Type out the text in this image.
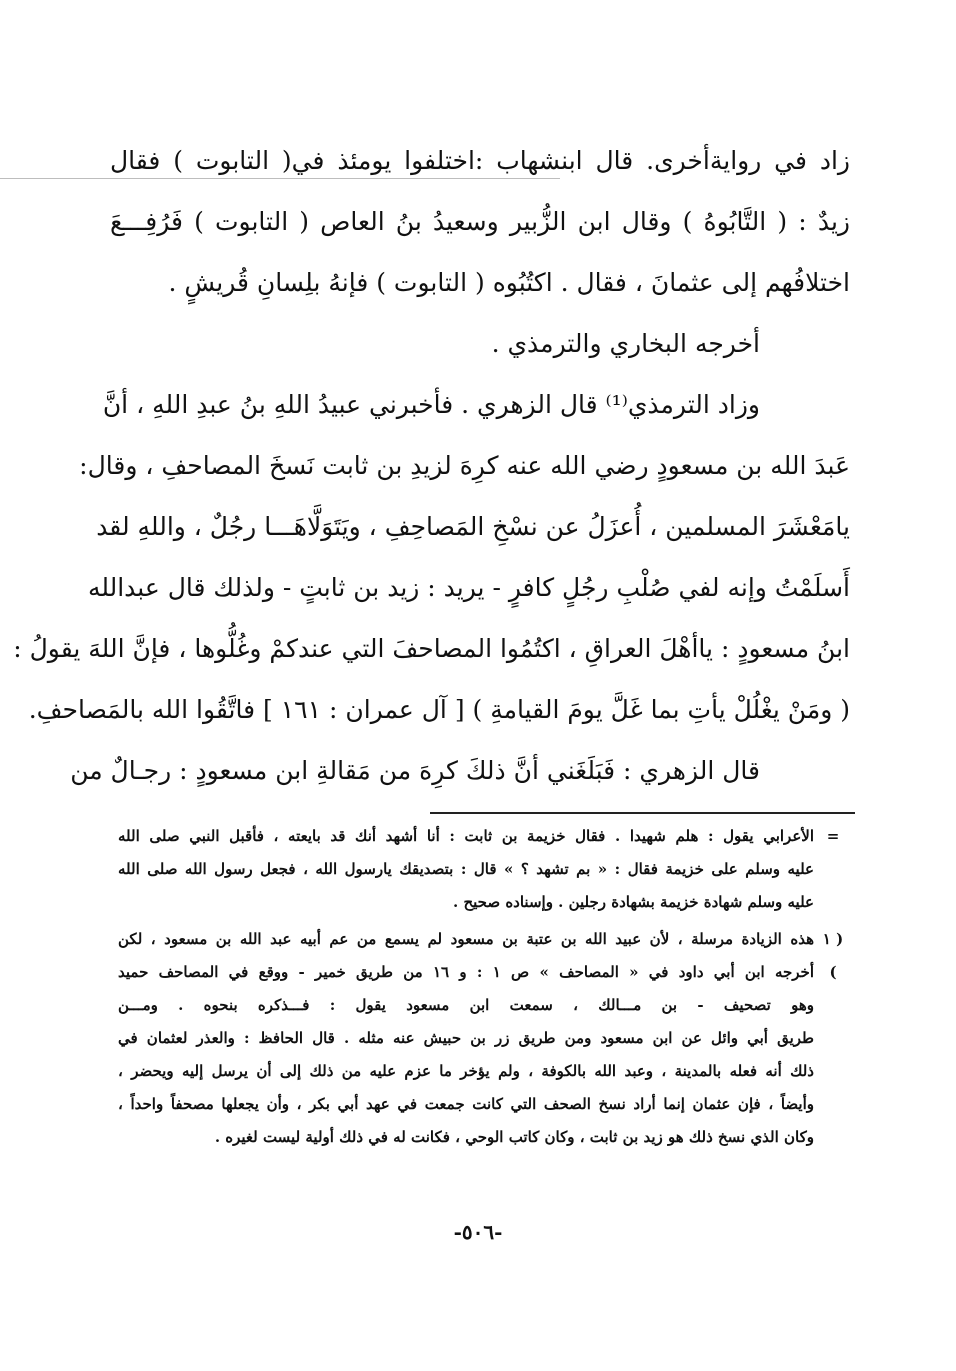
زاد في روايةأخرى. قال ابنشهاب :اختلفوا يومئذ في( التابوت ) فقال
زيدٌ : ( التَّابُوهُ ) وقال ابن الزُّبير وسعيدُ بنُ العاص ( التابوت ) فَرُفِـــعَ
اختلافُهم إلى عثمانَ ، فقال . اكتُبُوه ( التابوت ) فإنهُ بلِسانِ قُريشٍ .
أخرجه البخاري والترمذي .
وزاد الترمذي⁽¹⁾ قال الزهري . فأخبرني عبيدُ اللهِ بنُ عبدِ اللهِ ، أنَّ
عَبدَ الله بن مسعودٍ رضي الله عنه كرِهَ لزيدِ بن ثابت نَسخَ المصاحفِ ، وقال:
يامَعْشَرَ المسلمين ، أُعزَلُ عن نسْخِ المَصاحِفِ ، ويَتَوَلَّاهَـــا رجُلٌ ، واللهِ لقد
أَسلَمْتُ وإنه لفي صُلْبِ رجُلٍ كافرٍ - يريد : زيد بن ثابتٍ - ولذلك قال عبدالله
ابنُ مسعودٍ : ياأهْلَ العراقِ ، اكتُمُوا المصاحفَ التي عندكمْ وغُلُّوها ، فإنَّ اللهَ يقولُ :
( ومَنْ يغْلُلْ يأتِ بما غَلَّ يومَ القيامةِ ) [ آل عمران : ١٦١ ] فاتَّقُوا الله بالمَصاحفِ.
قال الزهري : فَبَلَغَني أنَّ ذلكَ كرِهَ من مَقالةِ ابن مسعودٍ : رجـالٌ من
=
الأعرابي يقول : هلم شهيدا . فقال خزيمة بن ثابت : أنا أشهد أنك قد بايعته ، فأقبل النبي صلى الله
عليه وسلم على خزيمة فقال : « بم تشهد ؟ » قال : بتصديقك يارسول الله ، فجعل رسول الله صلى الله
عليه وسلم شهادة خزيمة بشهادة رجلين . وإسناده صحيح .
( ١ )
هذه الزيادة مرسلة ، لأن عبيد الله بن عتبة بن مسعود لم يسمع من عم أبيه عبد الله بن مسعود ، لكن
أخرجه ابن أبي داود في « المصاحف » ص ١ : و ١٦ من طريق خمير - ووقع في المصاحف حميد
وهو تصحيف - بن مـــالك ، سمعت ابن مسعود يقول : فـــذكره بنحوه . ومـــن
طريق أبي وائل عن ابن مسعود ومن طريق زر بن حبيش عنه مثله . قال الحافظ : والعذر لعثمان في
ذلك أنه فعله بالمدينة ، وعبد الله بالكوفة ، ولم يؤخر ما عزم عليه من ذلك إلى أن يرسل إليه ويحضر ،
وأيضاً ، فإن عثمان إنما أراد نسخ الصحف التي كانت جمعت في عهد أبي بكر ، وأن يجعلها مصحفاً واحداً ،
وكان الذي نسخ ذلك هو زيد بن ثابت ، وكان كاتب الوحي ، فكانت له في ذلك أولية ليست لغيره .
-٥٠٦-
